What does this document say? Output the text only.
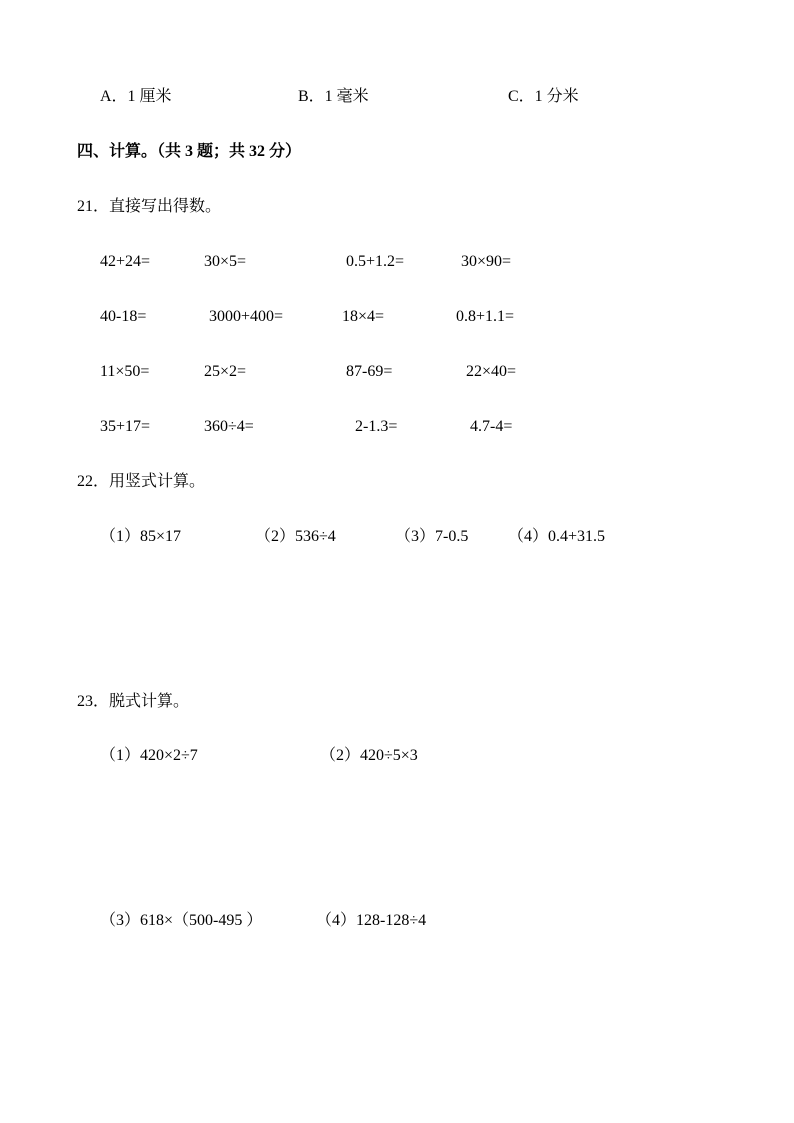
A．1 厘米	B．1 毫米	C．1 分米
四、计算。（共 3 题；共 32 分）
21．直接写出得数。
42+24=	30×5=	0.5+1.2=	30×90=
40-18=	3000+400=	18×4=	0.8+1.1=
11×50=	25×2=	87-69=	22×40=
35+17=	360÷4=	2-1.3=	4.7-4=
22．用竖式计算。
（1）85×17	（2）536÷4	（3）7-0.5 （4）0.4+31.5
23．脱式计算。
（1）420×2÷7	（2）420÷5×3
（3）618×（500-495 ）	（4）128-128÷4
